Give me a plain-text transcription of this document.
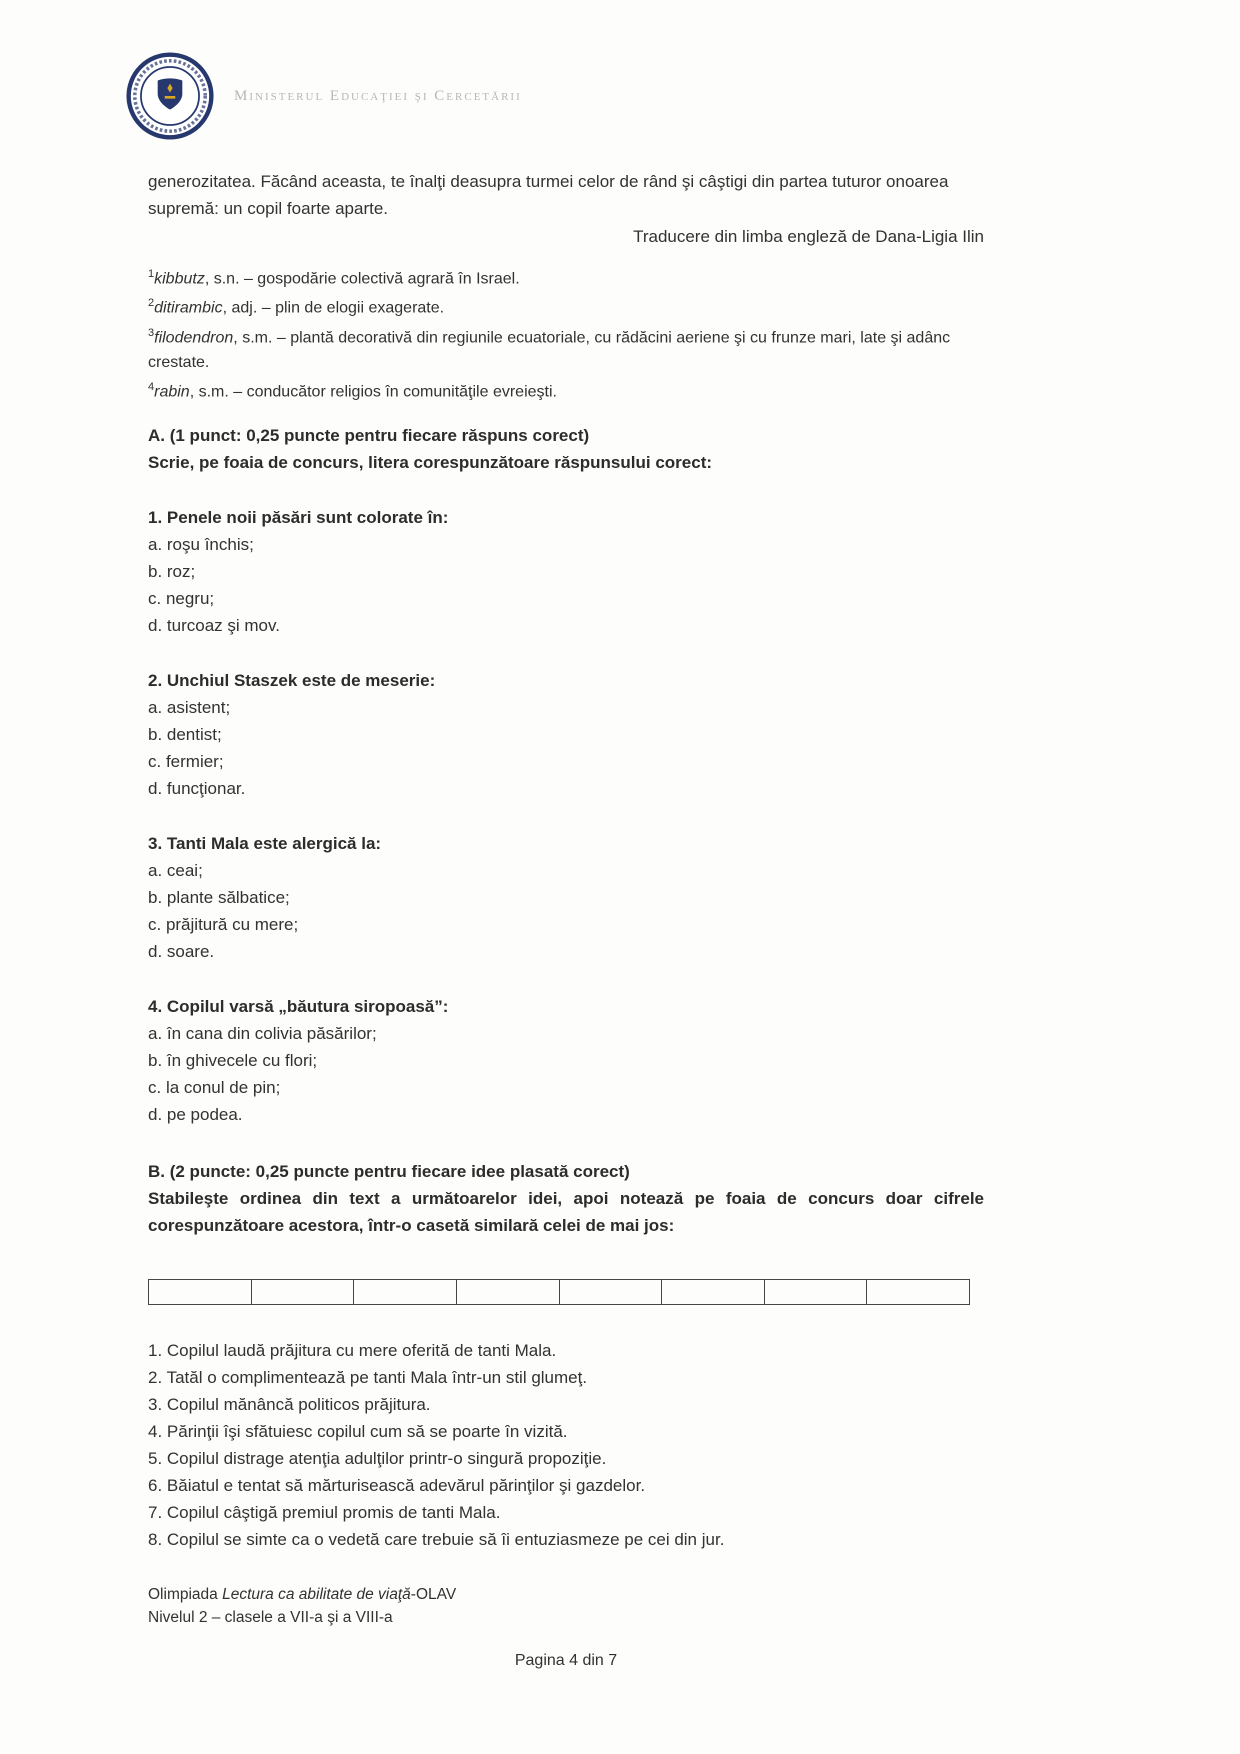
Ministerul Educaţiei şi Cercetării

generozitatea. Făcând aceasta, te înalţi deasupra turmei celor de rând şi câştigi din partea tuturor onoarea supremă: un copil foarte aparte.

Traducere din limba engleză de Dana-Ligia Ilin
$^1$kibbutz, s.n. – gospodărie colectivă agrară în Israel.
$^2$ditirambic, adj. – plin de elogii exagerate.
$^3$filodendron, s.m. – plantă decorativă din regiunile ecuatoriale, cu rădăcini aeriene şi cu frunze mari, late şi adânc crestate.
$^4$rabin, s.m. – conducător religios în comunităţile evreieşti.
A. (1 punct: 0,25 puncte pentru fiecare răspuns corect)
Scrie, pe foaia de concurs, litera corespunzătoare răspunsului corect:
1. Penele noii păsări sunt colorate în:
a. roşu închis;
b. roz;
c. negru;
d. turcoaz şi mov.
2. Unchiul Staszek este de meserie:
a. asistent;
b. dentist;
c. fermier;
d. funcţionar.
3. Tanti Mala este alergică la:
a. ceai;
b. plante sălbatice;
c. prăjitură cu mere;
d. soare.
4. Copilul varsă „băutura siropoasă”:
a. în cana din colivia păsărilor;
b. în ghivecele cu flori;
c. la conul de pin;
d. pe podea.
B. (2 puncte: 0,25 puncte pentru fiecare idee plasată corect)
Stabileşte ordinea din text a următoarelor idei, apoi notează pe foaia de concurs doar cifrele corespunzătoare acestora, într-o casetă similară celei de mai jos:
1. Copilul laudă prăjitura cu mere oferită de tanti Mala.
2. Tatăl o complimentează pe tanti Mala într-un stil glumeţ.
3. Copilul mănâncă politicos prăjitura.
4. Părinţii îşi sfătuiesc copilul cum să se poarte în vizită.
5. Copilul distrage atenţia adulţilor printr-o singură propoziţie.
6. Băiatul e tentat să mărturisească adevărul părinţilor şi gazdelor.
7. Copilul câştigă premiul promis de tanti Mala.
8. Copilul se simte ca o vedetă care trebuie să îi entuziasmeze pe cei din jur.
Olimpiada Lectura ca abilitate de viaţă-OLAV
Nivelul 2 – clasele a VII-a şi a VIII-a
Pagina 4 din 7
